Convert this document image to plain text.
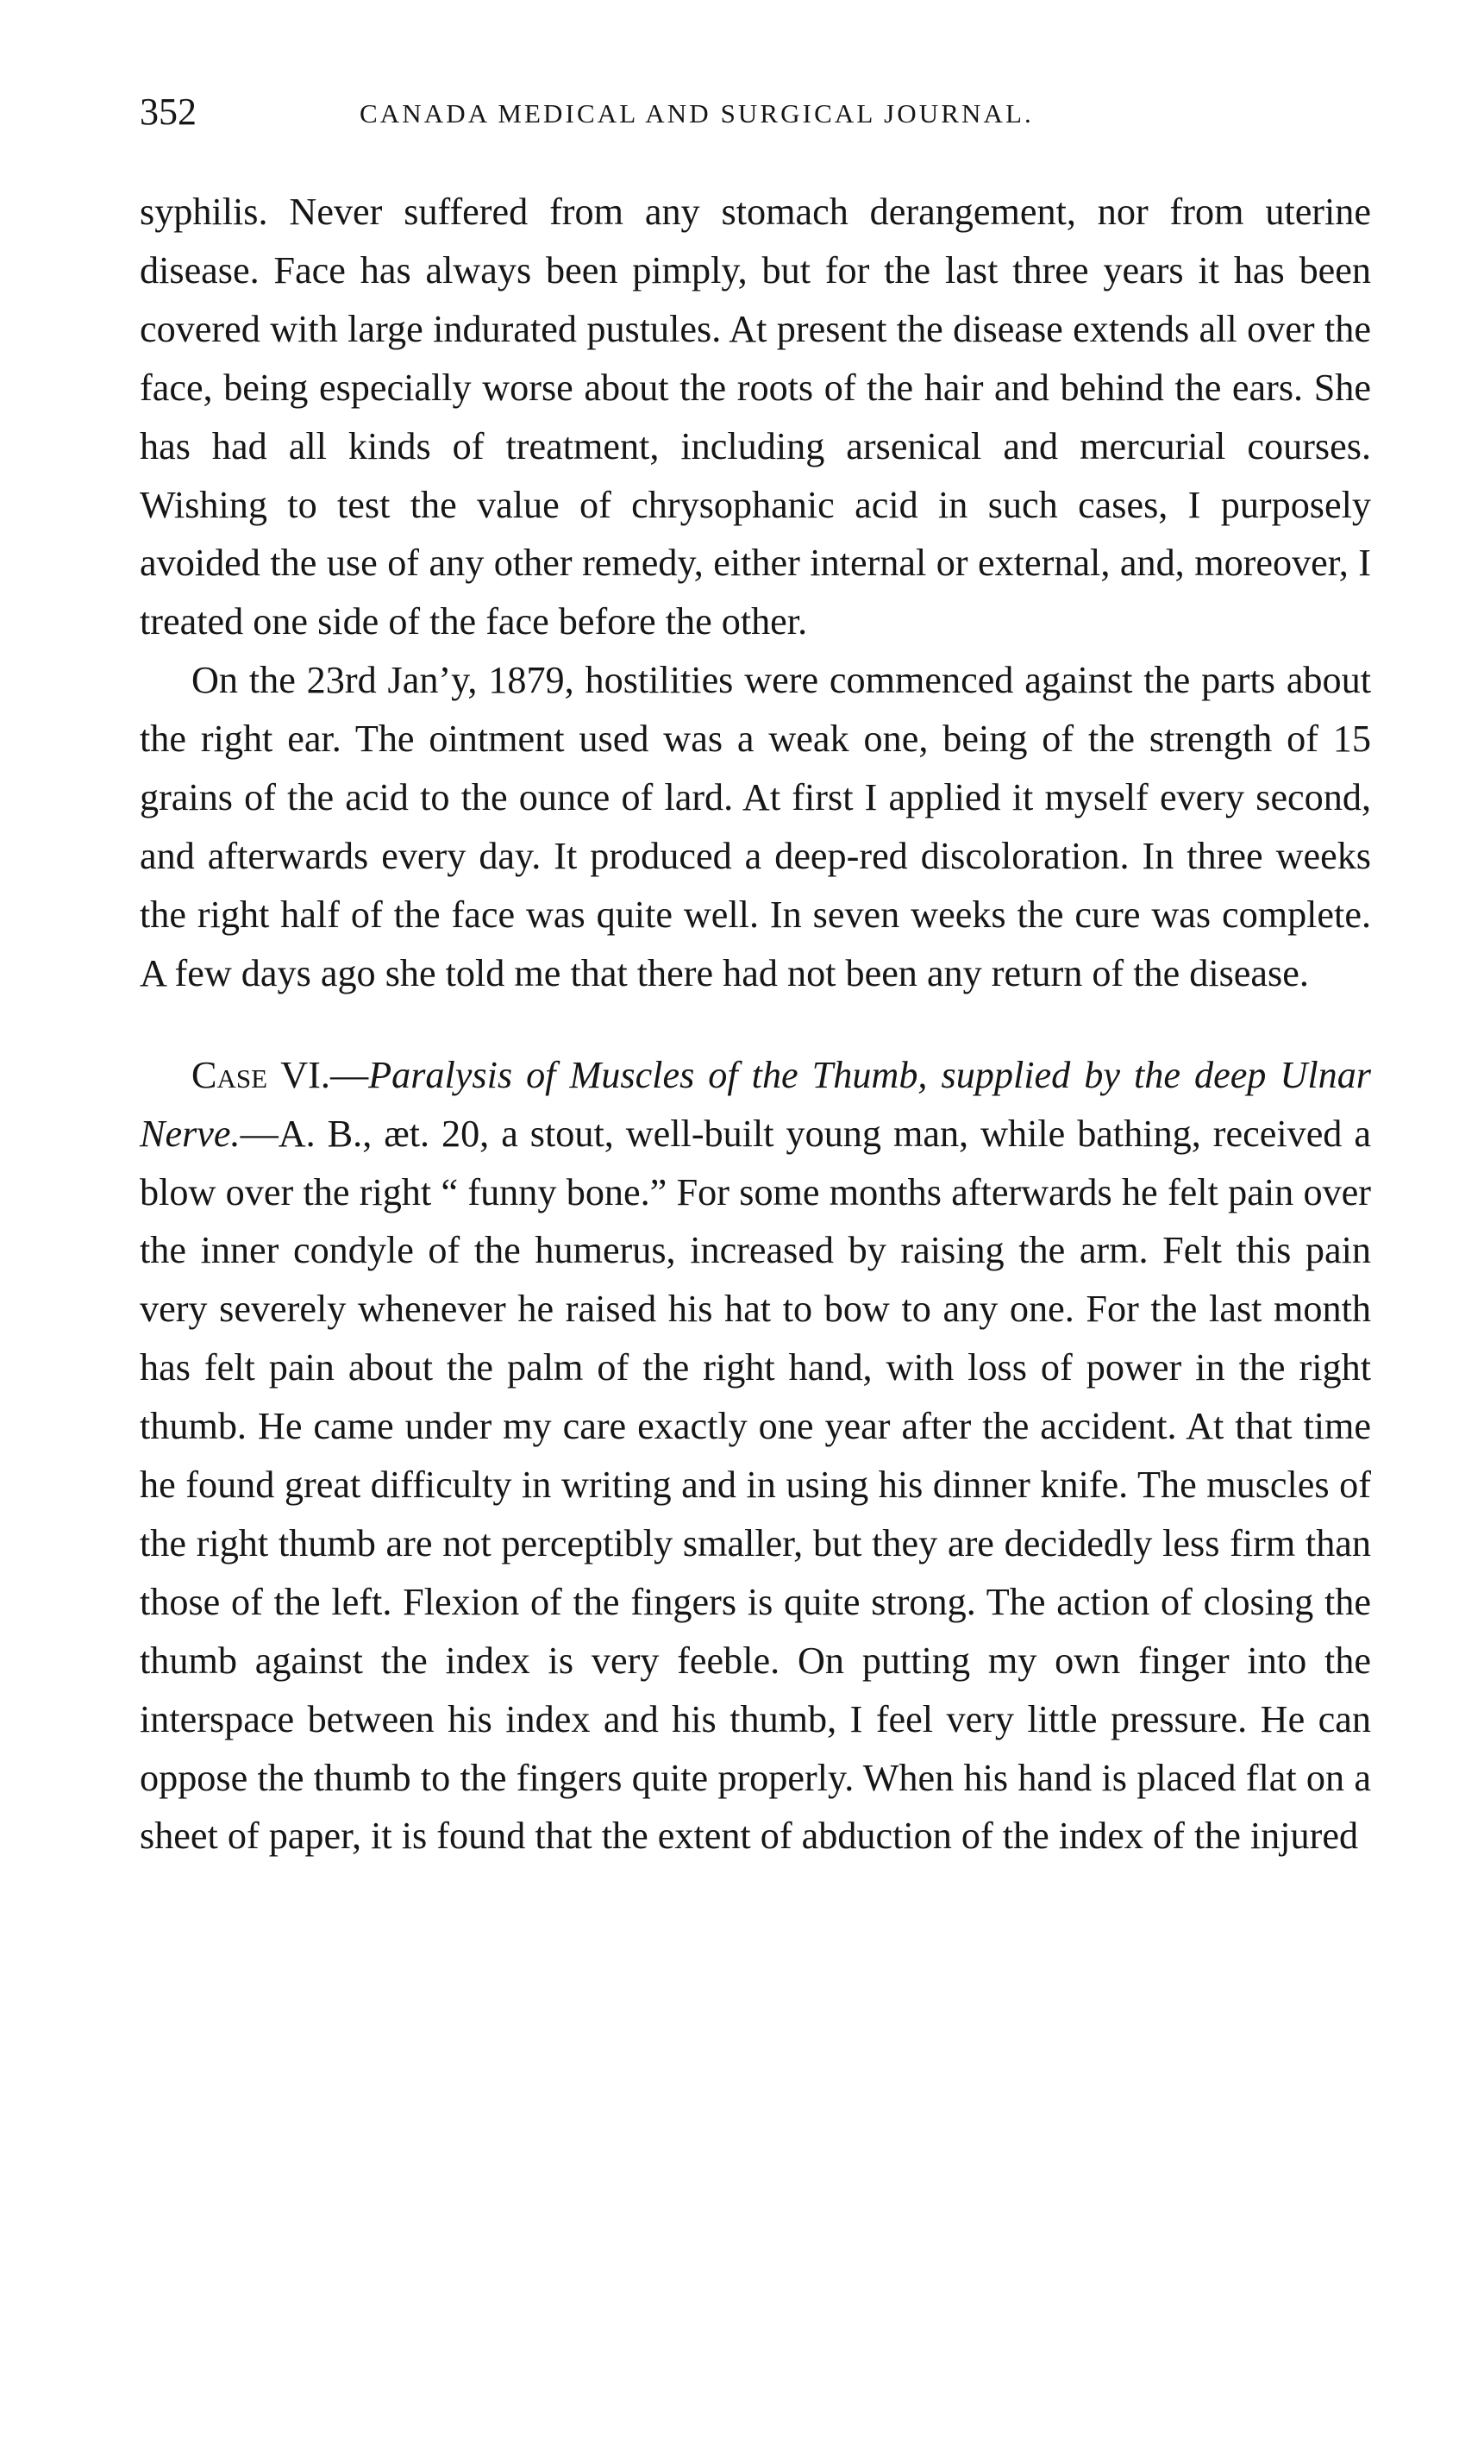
352	CANADA MEDICAL AND SURGICAL JOURNAL.

syphilis. Never suffered from any stomach derangement, nor from uterine disease. Face has always been pimply, but for the last three years it has been covered with large indurated pustules. At present the disease extends all over the face, being especially worse about the roots of the hair and behind the ears. She has had all kinds of treatment, including arsenical and mercurial courses. Wishing to test the value of chrysophanic acid in such cases, I purposely avoided the use of any other remedy, either internal or external, and, moreover, I treated one side of the face before the other.

On the 23rd Jan’y, 1879, hostilities were commenced against the parts about the right ear. The ointment used was a weak one, being of the strength of 15 grains of the acid to the ounce of lard. At first I applied it myself every second, and afterwards every day. It produced a deep-red discoloration. In three weeks the right half of the face was quite well. In seven weeks the cure was complete. A few days ago she told me that there had not been any return of the disease.

Case VI.—Paralysis of Muscles of the Thumb, supplied by the deep Ulnar Nerve.—A. B., æt. 20, a stout, well-built young man, while bathing, received a blow over the right “ funny bone.” For some months afterwards he felt pain over the inner condyle of the humerus, increased by raising the arm. Felt this pain very severely whenever he raised his hat to bow to any one. For the last month has felt pain about the palm of the right hand, with loss of power in the right thumb. He came under my care exactly one year after the accident. At that time he found great difficulty in writing and in using his dinner knife. The muscles of the right thumb are not perceptibly smaller, but they are decidedly less firm than those of the left. Flexion of the fingers is quite strong. The action of closing the thumb against the index is very feeble. On putting my own finger into the interspace between his index and his thumb, I feel very little pressure. He can oppose the thumb to the fingers quite properly. When his hand is placed flat on a sheet of paper, it is found that the extent of abduction of the index of the injured
